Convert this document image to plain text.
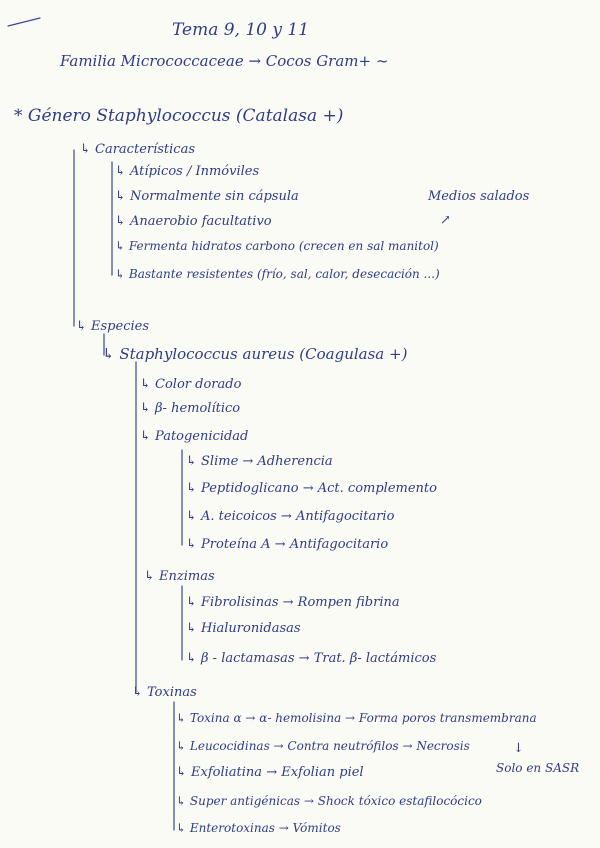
Tema 9, 10 y 11
Familia Micrococcaceae → Cocos Gram+ ~
* Género Staphylococcus (Catalasa +)
↳ Características
↳ Atípicos / Inmóviles
↳ Normalmente sin cápsula
↳ Anaerobio facultativo
↳ Fermenta hidratos carbono (crecen en sal manitol)
↳ Bastante resistentes (frío, sal, calor, desecación ...)
Medios salados
↗
↳ Especies
↳ Staphylococcus aureus (Coagulasa +)
↳ Color dorado
↳ β- hemolítico
↳ Patogenicidad
↳ Slime → Adherencia
↳ Peptidoglicano → Act. complemento
↳ A. teicoicos → Antifagocitario
↳ Proteína A → Antifagocitario
↳ Enzimas
↳ Fibrolisinas → Rompen fibrina
↳ Hialuronidasas
↳ β - lactamasas → Trat. β- lactámicos
↳ Toxinas
↳ Toxina α → α- hemolisina → Forma poros transmembrana
↳ Leucocidinas → Contra neutrófilos → Necrosis
↳ Exfoliatina → Exfolian piel
↳ Super antigénicas → Shock tóxico estafilocócico
↳ Enterotoxinas → Vómitos
↓
Solo en SASR
